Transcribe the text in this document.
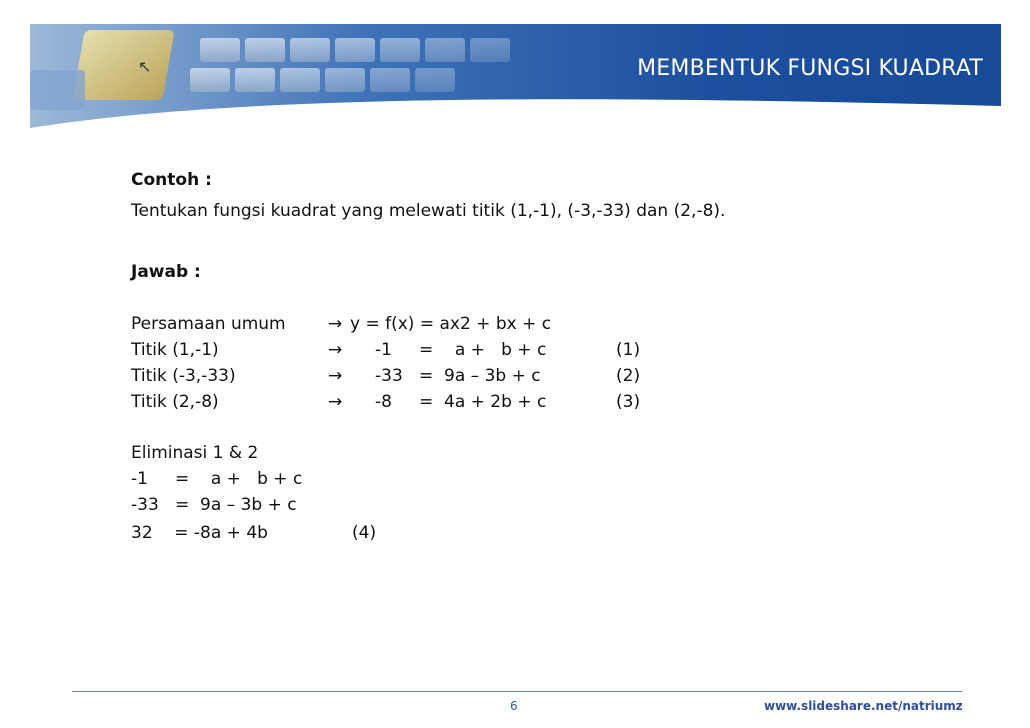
↖	MEMBENTUK FUNGSI KUADRAT
Contoh :
Tentukan fungsi kuadrat yang melewati titik (1,-1), (-3,-33) dan (2,-8).
Jawab :
Persamaan umum → y = f(x) = ax2 + bx + c
Titik (1,-1)	→ -1     =    a +   b + c	(1)
Titik (-3,-33)	→ -33   =  9a – 3b + c	(2)
Titik (2,-8)	→ -8     =  4a + 2b + c	(3)
Eliminasi 1 & 2
-1     =    a +   b + c
-33   =  9a – 3b + c
32    = -8a + 4b	(4)
6	www.slideshare.net/natriumz
